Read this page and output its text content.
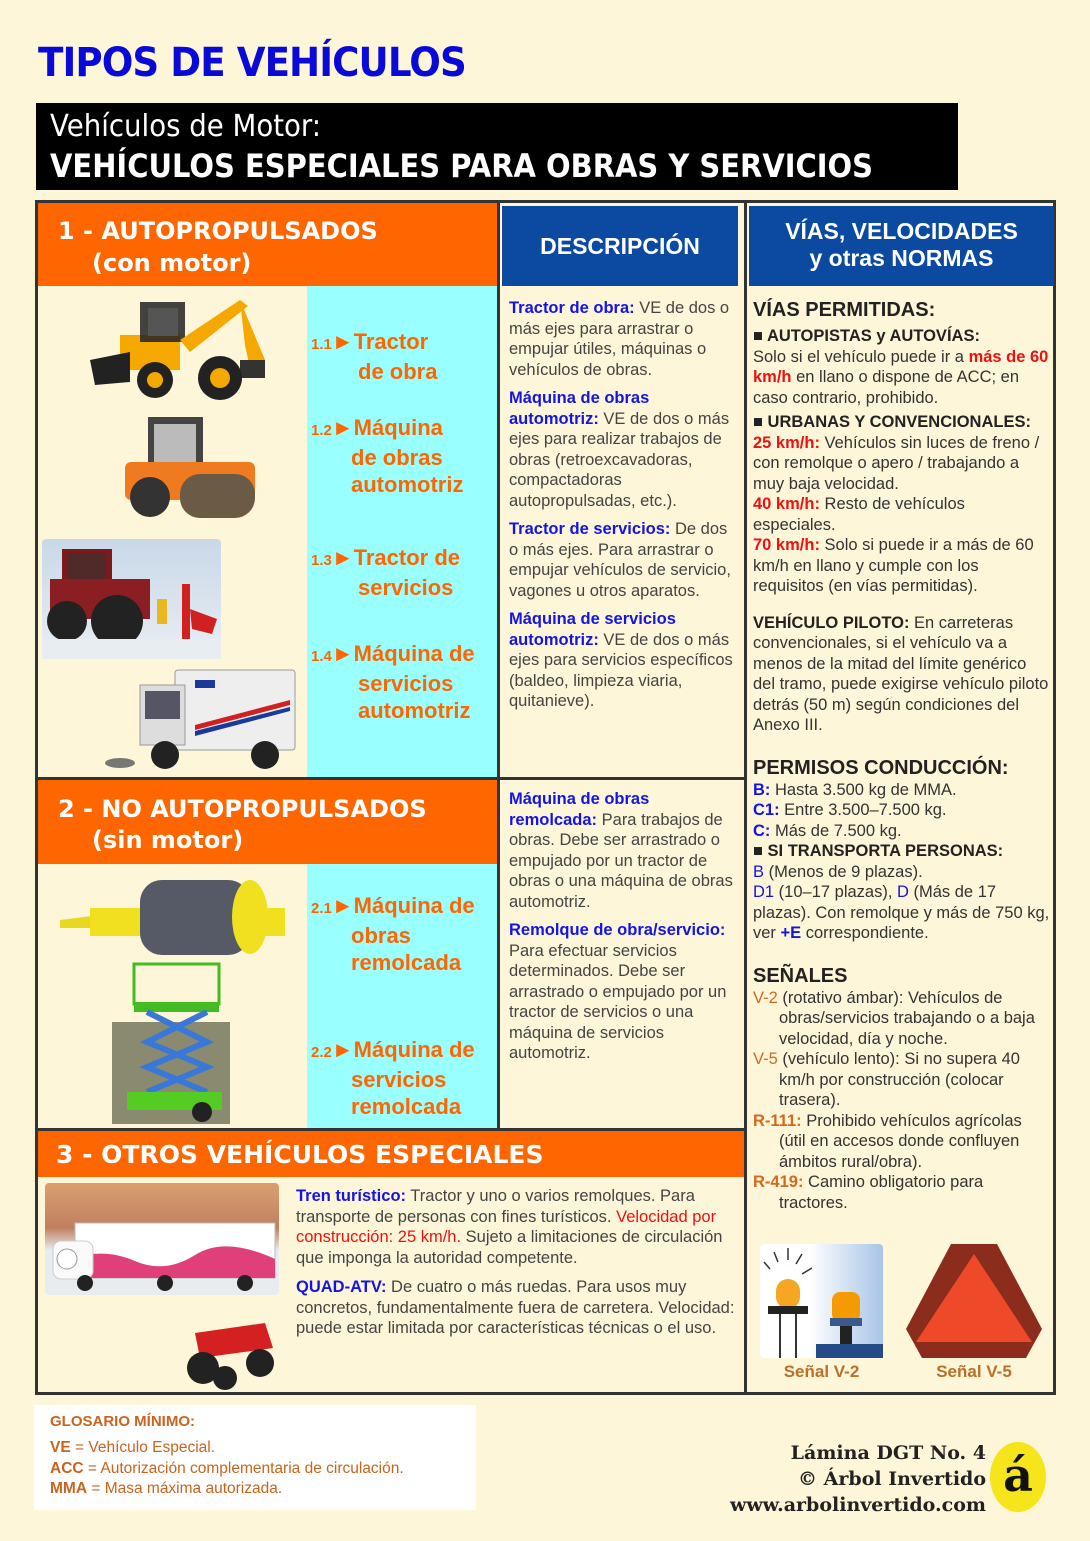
TIPOS DE VEHÍCULOS
Vehículos de Motor:
VEHÍCULOS ESPECIALES PARA OBRAS Y SERVICIOS
1 - AUTOPROPULSADOS
(con motor)
1.1►Tractor
de obra
1.2►Máquina
de obras
automotriz
1.3►Tractor de
servicios
1.4►Máquina de
servicios
automotriz
DESCRIPCIÓN

Tractor de obra: VE de dos o más ejes para arrastrar o empujar útiles, máquinas o vehículos de obras.

Máquina de obras automotriz: VE de dos o más ejes para realizar trabajos de obras (retroexcavadoras, compactadoras autopropulsadas, etc.).

Tractor de servicios: De dos o más ejes. Para arrastrar o empujar vehículos de servicio, vagones u otros aparatos.

Máquina de servicios automotriz: VE de dos o más ejes para servicios específicos (baldeo, limpieza viaria, quitanieve).

2 - NO AUTOPROPULSADOS
(sin motor)
2.1►Máquina de
obras
remolcada
2.2►Máquina de
servicios
remolcada

Máquina de obras remolcada: Para trabajos de obras. Debe ser arrastrado o empujado por un tractor de obras o una máquina de obras automotriz.

Remolque de obra/servicio: Para efectuar servicios determinados. Debe ser arrastrado o empujado por un tractor de servicios o una máquina de servicios automotriz.

3 - OTROS VEHÍCULOS ESPECIALES

Tren turístico: Tractor y uno o varios remolques. Para transporte de personas con fines turísticos. Velocidad por construcción: 25 km/h. Sujeto a limitaciones de circulación que imponga la autoridad competente.

QUAD-ATV: De cuatro o más ruedas. Para usos muy concretos, fundamentalmente fuera de carretera. Velocidad: puede estar limitada por características técnicas o el uso.

VÍAS, VELOCIDADES
y otras NORMAS
VÍAS PERMITIDAS:
■ AUTOPISTAS y AUTOVÍAS:
Solo si el vehículo puede ir a más de 60 km/h en llano o dispone de ACC; en caso contrario, prohibido.
■ URBANAS Y CONVENCIONALES:
25 km/h: Vehículos sin luces de freno / con remolque o apero / trabajando a muy baja velocidad.
40 km/h: Resto de vehículos especiales.
70 km/h: Solo si puede ir a más de 60 km/h en llano y cumple con los requisitos (en vías permitidas).
VEHÍCULO PILOTO: En carreteras convencionales, si el vehículo va a menos de la mitad del límite genérico del tramo, puede exigirse vehículo piloto detrás (50 m) según condiciones del Anexo III.
PERMISOS CONDUCCIÓN:
B: Hasta 3.500 kg de MMA.
C1: Entre 3.500–7.500 kg.
C: Más de 7.500 kg.
■ SI TRANSPORTA PERSONAS:
B (Menos de 9 plazas).
D1 (10–17 plazas), D (Más de 17 plazas). Con remolque y más de 750 kg, ver +E correspondiente.
SEÑALES
V-2 (rotativo ámbar): Vehículos de obras/servicios trabajando o a baja velocidad, día y noche.
V-5 (vehículo lento): Si no supera 40 km/h por construcción (colocar trasera).
R-111: Prohibido vehículos agrícolas (útil en accesos donde confluyen ámbitos rural/obra).
R-419: Camino obligatorio para tractores.
Señal V-2	Señal V-5
GLOSARIO MÍNIMO:
VE = Vehículo Especial.
ACC = Autorización complementaria de circulación.
MMA = Masa máxima autorizada.
Lámina DGT No. 4
© Árbol Invertido
www.arbolinvertido.com
á
